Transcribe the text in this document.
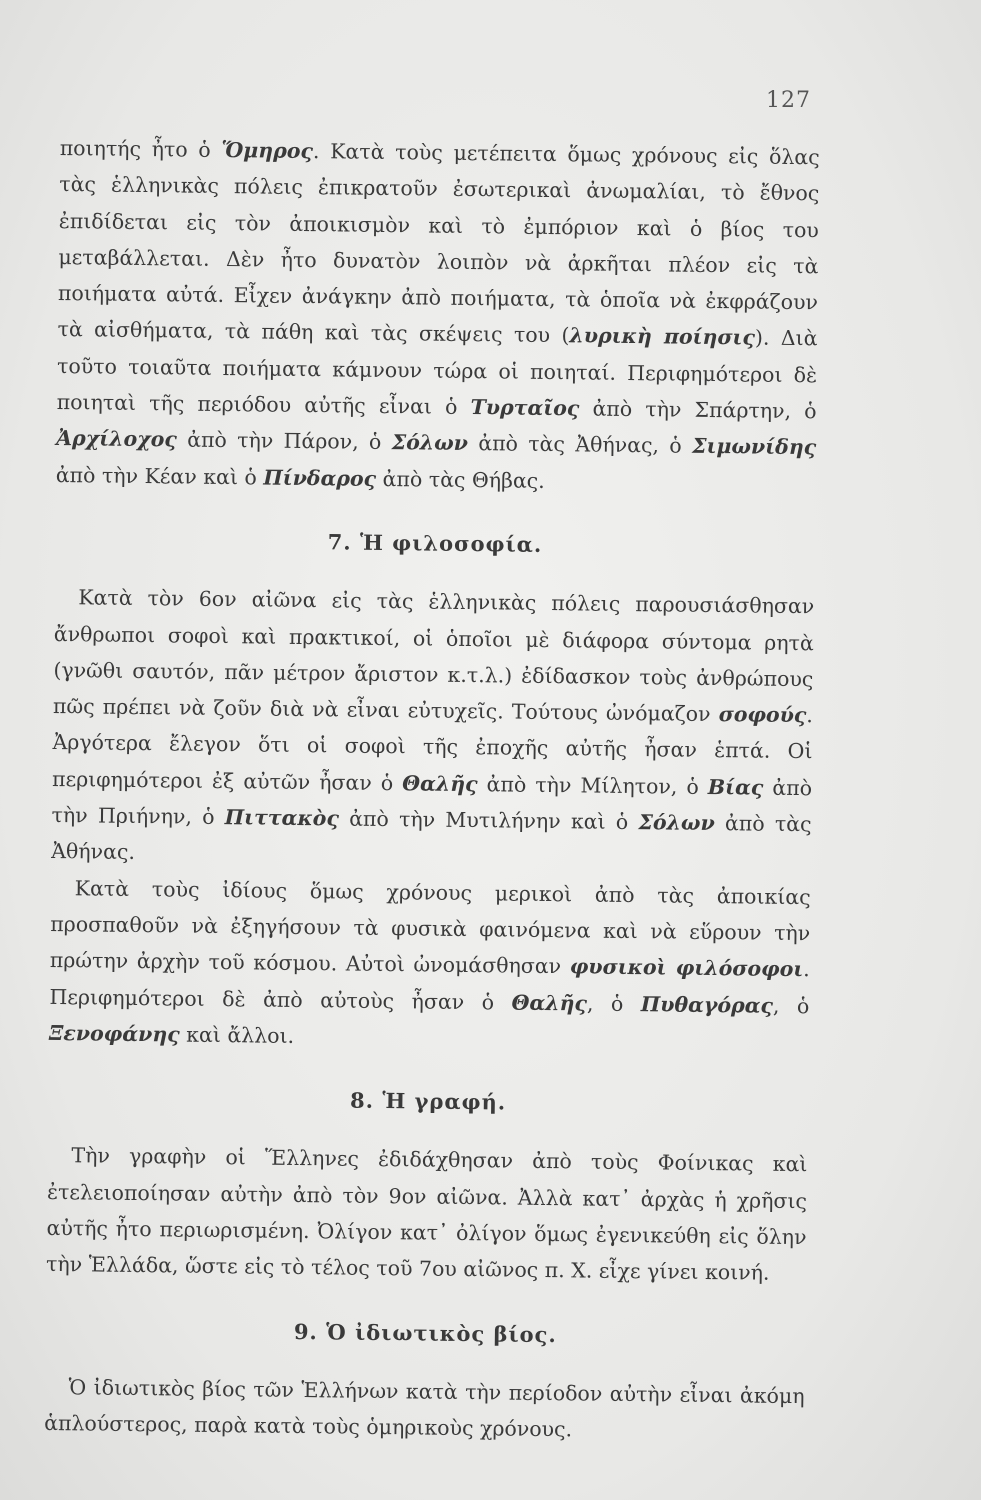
127

ποιητής ἦτο ὁ Ὅμηρος. Κατὰ τοὺς μετέπειτα ὅμως χρόνους εἰς ὅλας τὰς ἑλληνικὰς πόλεις ἐπικρατοῦν ἐσωτερικαὶ ἀνωμαλίαι, τὸ ἔθνος ἐπιδίδεται εἰς τὸν ἀποικισμὸν καὶ τὸ ἐμπόριον καὶ ὁ βίος του μεταβάλλεται. Δὲν ἦτο δυνατὸν λοιπὸν νὰ ἀρκῆται πλέον εἰς τὰ ποιήματα αὐτά. Εἶχεν ἀνάγκην ἀπὸ ποιήματα, τὰ ὁποῖα νὰ ἐκφράζουν τὰ αἰσθήματα, τὰ πάθη καὶ τὰς σκέψεις του (λυρικὴ ποίησις). Διὰ τοῦτο τοιαῦτα ποιήματα κάμνουν τώρα οἱ ποιηταί. Περιφημότεροι δὲ ποιηταὶ τῆς περιόδου αὐτῆς εἶναι ὁ Τυρταῖος ἀπὸ τὴν Σπάρτην, ὁ Ἀρχίλοχος ἀπὸ τὴν Πάρον, ὁ Σόλων ἀπὸ τὰς Ἀθήνας, ὁ Σιμωνίδης ἀπὸ τὴν Κέαν καὶ ὁ Πίνδαρος ἀπὸ τὰς Θήβας.

7. Ἡ φιλοσοφία.

Κατὰ τὸν 6ον αἰῶνα εἰς τὰς ἑλληνικὰς πόλεις παρουσιάσθησαν ἄνθρωποι σοφοὶ καὶ πρακτικοί, οἱ ὁποῖοι μὲ διάφορα σύντομα ρητὰ (γνῶθι σαυτόν, πᾶν μέτρον ἄριστον κ.τ.λ.) ἐδίδασκον τοὺς ἀνθρώπους πῶς πρέπει νὰ ζοῦν διὰ νὰ εἶναι εὐτυχεῖς. Τούτους ὠνόμαζον σοφούς. Ἀργότερα ἔλεγον ὅτι οἱ σοφοὶ τῆς ἐποχῆς αὐτῆς ἦσαν ἑπτά. Οἱ περιφημότεροι ἐξ αὐτῶν ἦσαν ὁ Θαλῆς ἀπὸ τὴν Μίλητον, ὁ Βίας ἀπὸ τὴν Πριήνην, ὁ Πιττακὸς ἀπὸ τὴν Μυτιλήνην καὶ ὁ Σόλων ἀπὸ τὰς Ἀθήνας.

Κατὰ τοὺς ἰδίους ὅμως χρόνους μερικοὶ ἀπὸ τὰς ἀποικίας προσπαθοῦν νὰ ἐξηγήσουν τὰ φυσικὰ φαινόμενα καὶ νὰ εὕρουν τὴν πρώτην ἀρχὴν τοῦ κόσμου. Αὐτοὶ ὠνομάσθησαν φυσικοὶ φιλόσοφοι. Περιφημότεροι δὲ ἀπὸ αὐτοὺς ἦσαν ὁ Θαλῆς, ὁ Πυθαγόρας, ὁ Ξενοφάνης καὶ ἄλλοι.

8. Ἡ γραφή.

Τὴν γραφὴν οἱ Ἕλληνες ἐδιδάχθησαν ἀπὸ τοὺς Φοίνικας καὶ ἐτελειοποίησαν αὐτὴν ἀπὸ τὸν 9ον αἰῶνα. Ἀλλὰ κατ᾿ ἀρχὰς ἡ χρῆσις αὐτῆς ἦτο περιωρισμένη. Ὀλίγον κατ᾿ ὀλίγον ὅμως ἐγενικεύθη εἰς ὅλην τὴν Ἑλλάδα, ὥστε εἰς τὸ τέλος τοῦ 7ου αἰῶνος π. Χ. εἶχε γίνει κοινή.

9. Ὁ ἰδιωτικὸς βίος.

Ὁ ἰδιωτικὸς βίος τῶν Ἑλλήνων κατὰ τὴν περίοδον αὐτὴν εἶναι ἀκόμη ἁπλούστερος, παρὰ κατὰ τοὺς ὁμηρικοὺς χρόνους.
